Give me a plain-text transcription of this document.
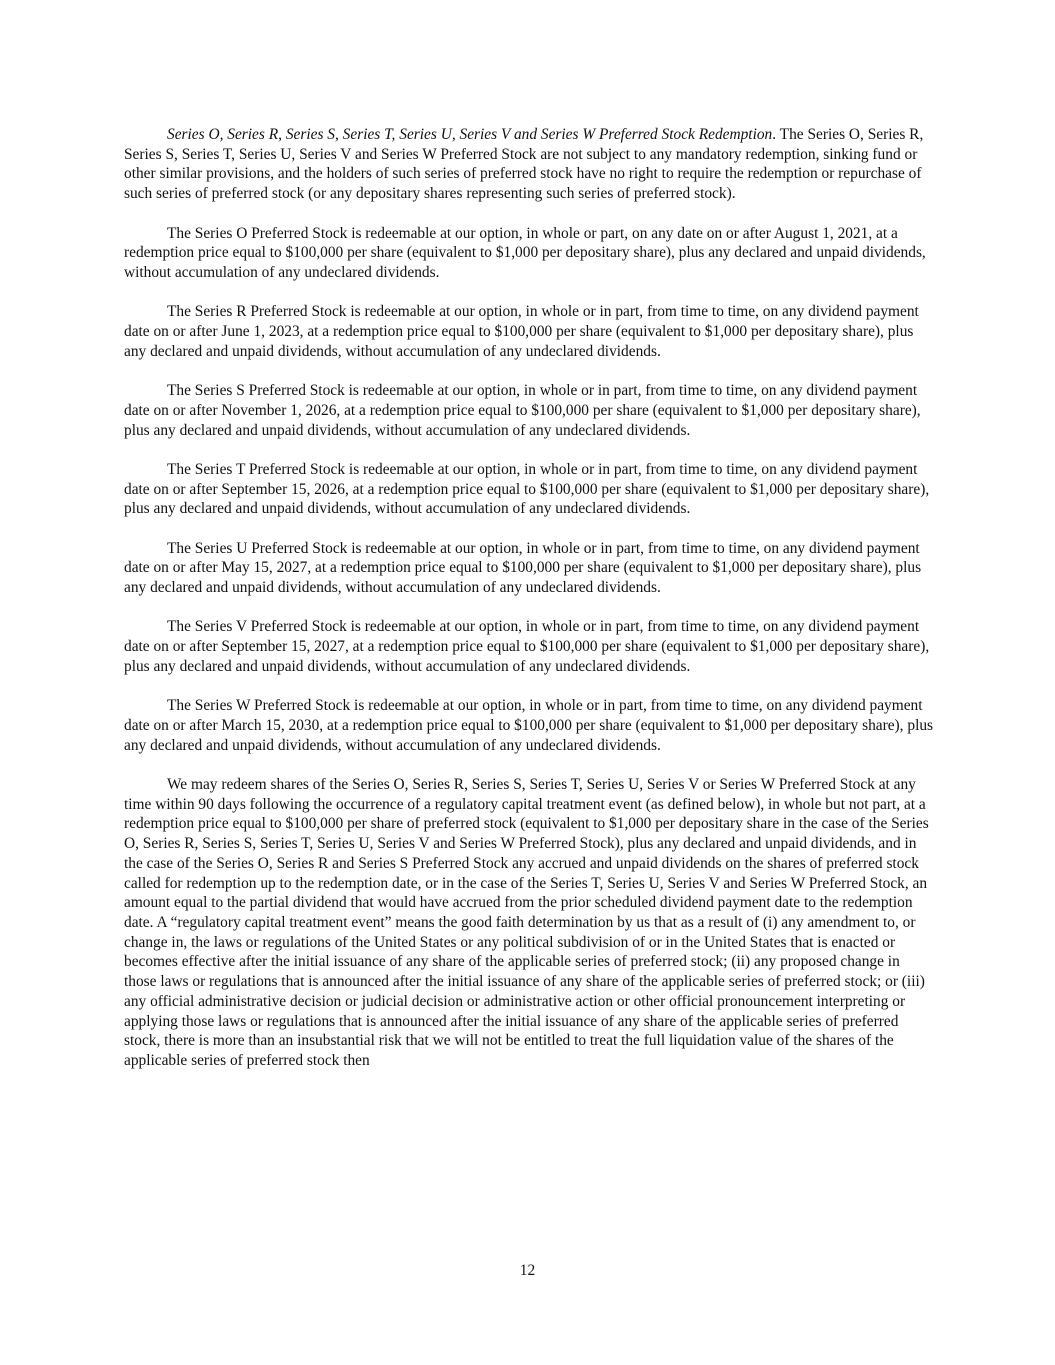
Series O, Series R, Series S, Series T, Series U, Series V and Series W Preferred Stock Redemption. The Series O, Series R, Series S, Series T, Series U, Series V and Series W Preferred Stock are not subject to any mandatory redemption, sinking fund or other similar provisions, and the holders of such series of preferred stock have no right to require the redemption or repurchase of such series of preferred stock (or any depositary shares representing such series of preferred stock).

The Series O Preferred Stock is redeemable at our option, in whole or part, on any date on or after August 1, 2021, at a redemption price equal to $100,000 per share (equivalent to $1,000 per depositary share), plus any declared and unpaid dividends, without accumulation of any undeclared dividends.

The Series R Preferred Stock is redeemable at our option, in whole or in part, from time to time, on any dividend payment date on or after June 1, 2023, at a redemption price equal to $100,000 per share (equivalent to $1,000 per depositary share), plus any declared and unpaid dividends, without accumulation of any undeclared dividends.

The Series S Preferred Stock is redeemable at our option, in whole or in part, from time to time, on any dividend payment date on or after November 1, 2026, at a redemption price equal to $100,000 per share (equivalent to $1,000 per depositary share), plus any declared and unpaid dividends, without accumulation of any undeclared dividends.

The Series T Preferred Stock is redeemable at our option, in whole or in part, from time to time, on any dividend payment date on or after September 15, 2026, at a redemption price equal to $100,000 per share (equivalent to $1,000 per depositary share), plus any declared and unpaid dividends, without accumulation of any undeclared dividends.

The Series U Preferred Stock is redeemable at our option, in whole or in part, from time to time, on any dividend payment date on or after May 15, 2027, at a redemption price equal to $100,000 per share (equivalent to $1,000 per depositary share), plus any declared and unpaid dividends, without accumulation of any undeclared dividends.

The Series V Preferred Stock is redeemable at our option, in whole or in part, from time to time, on any dividend payment date on or after September 15, 2027, at a redemption price equal to $100,000 per share (equivalent to $1,000 per depositary share), plus any declared and unpaid dividends, without accumulation of any undeclared dividends.

The Series W Preferred Stock is redeemable at our option, in whole or in part, from time to time, on any dividend payment date on or after March 15, 2030, at a redemption price equal to $100,000 per share (equivalent to $1,000 per depositary share), plus any declared and unpaid dividends, without accumulation of any undeclared dividends.

We may redeem shares of the Series O, Series R, Series S, Series T, Series U, Series V or Series W Preferred Stock at any time within 90 days following the occurrence of a regulatory capital treatment event (as defined below), in whole but not part, at a redemption price equal to $100,000 per share of preferred stock (equivalent to $1,000 per depositary share in the case of the Series O, Series R, Series S, Series T, Series U, Series V and Series W Preferred Stock), plus any declared and unpaid dividends, and in the case of the Series O, Series R and Series S Preferred Stock any accrued and unpaid dividends on the shares of preferred stock called for redemption up to the redemption date, or in the case of the Series T, Series U, Series V and Series W Preferred Stock, an amount equal to the partial dividend that would have accrued from the prior scheduled dividend payment date to the redemption date. A “regulatory capital treatment event” means the good faith determination by us that as a result of (i) any amendment to, or change in, the laws or regulations of the United States or any political subdivision of or in the United States that is enacted or becomes effective after the initial issuance of any share of the applicable series of preferred stock; (ii) any proposed change in those laws or regulations that is announced after the initial issuance of any share of the applicable series of preferred stock; or (iii) any official administrative decision or judicial decision or administrative action or other official pronouncement interpreting or applying those laws or regulations that is announced after the initial issuance of any share of the applicable series of preferred stock, there is more than an insubstantial risk that we will not be entitled to treat the full liquidation value of the shares of the applicable series of preferred stock then

12
